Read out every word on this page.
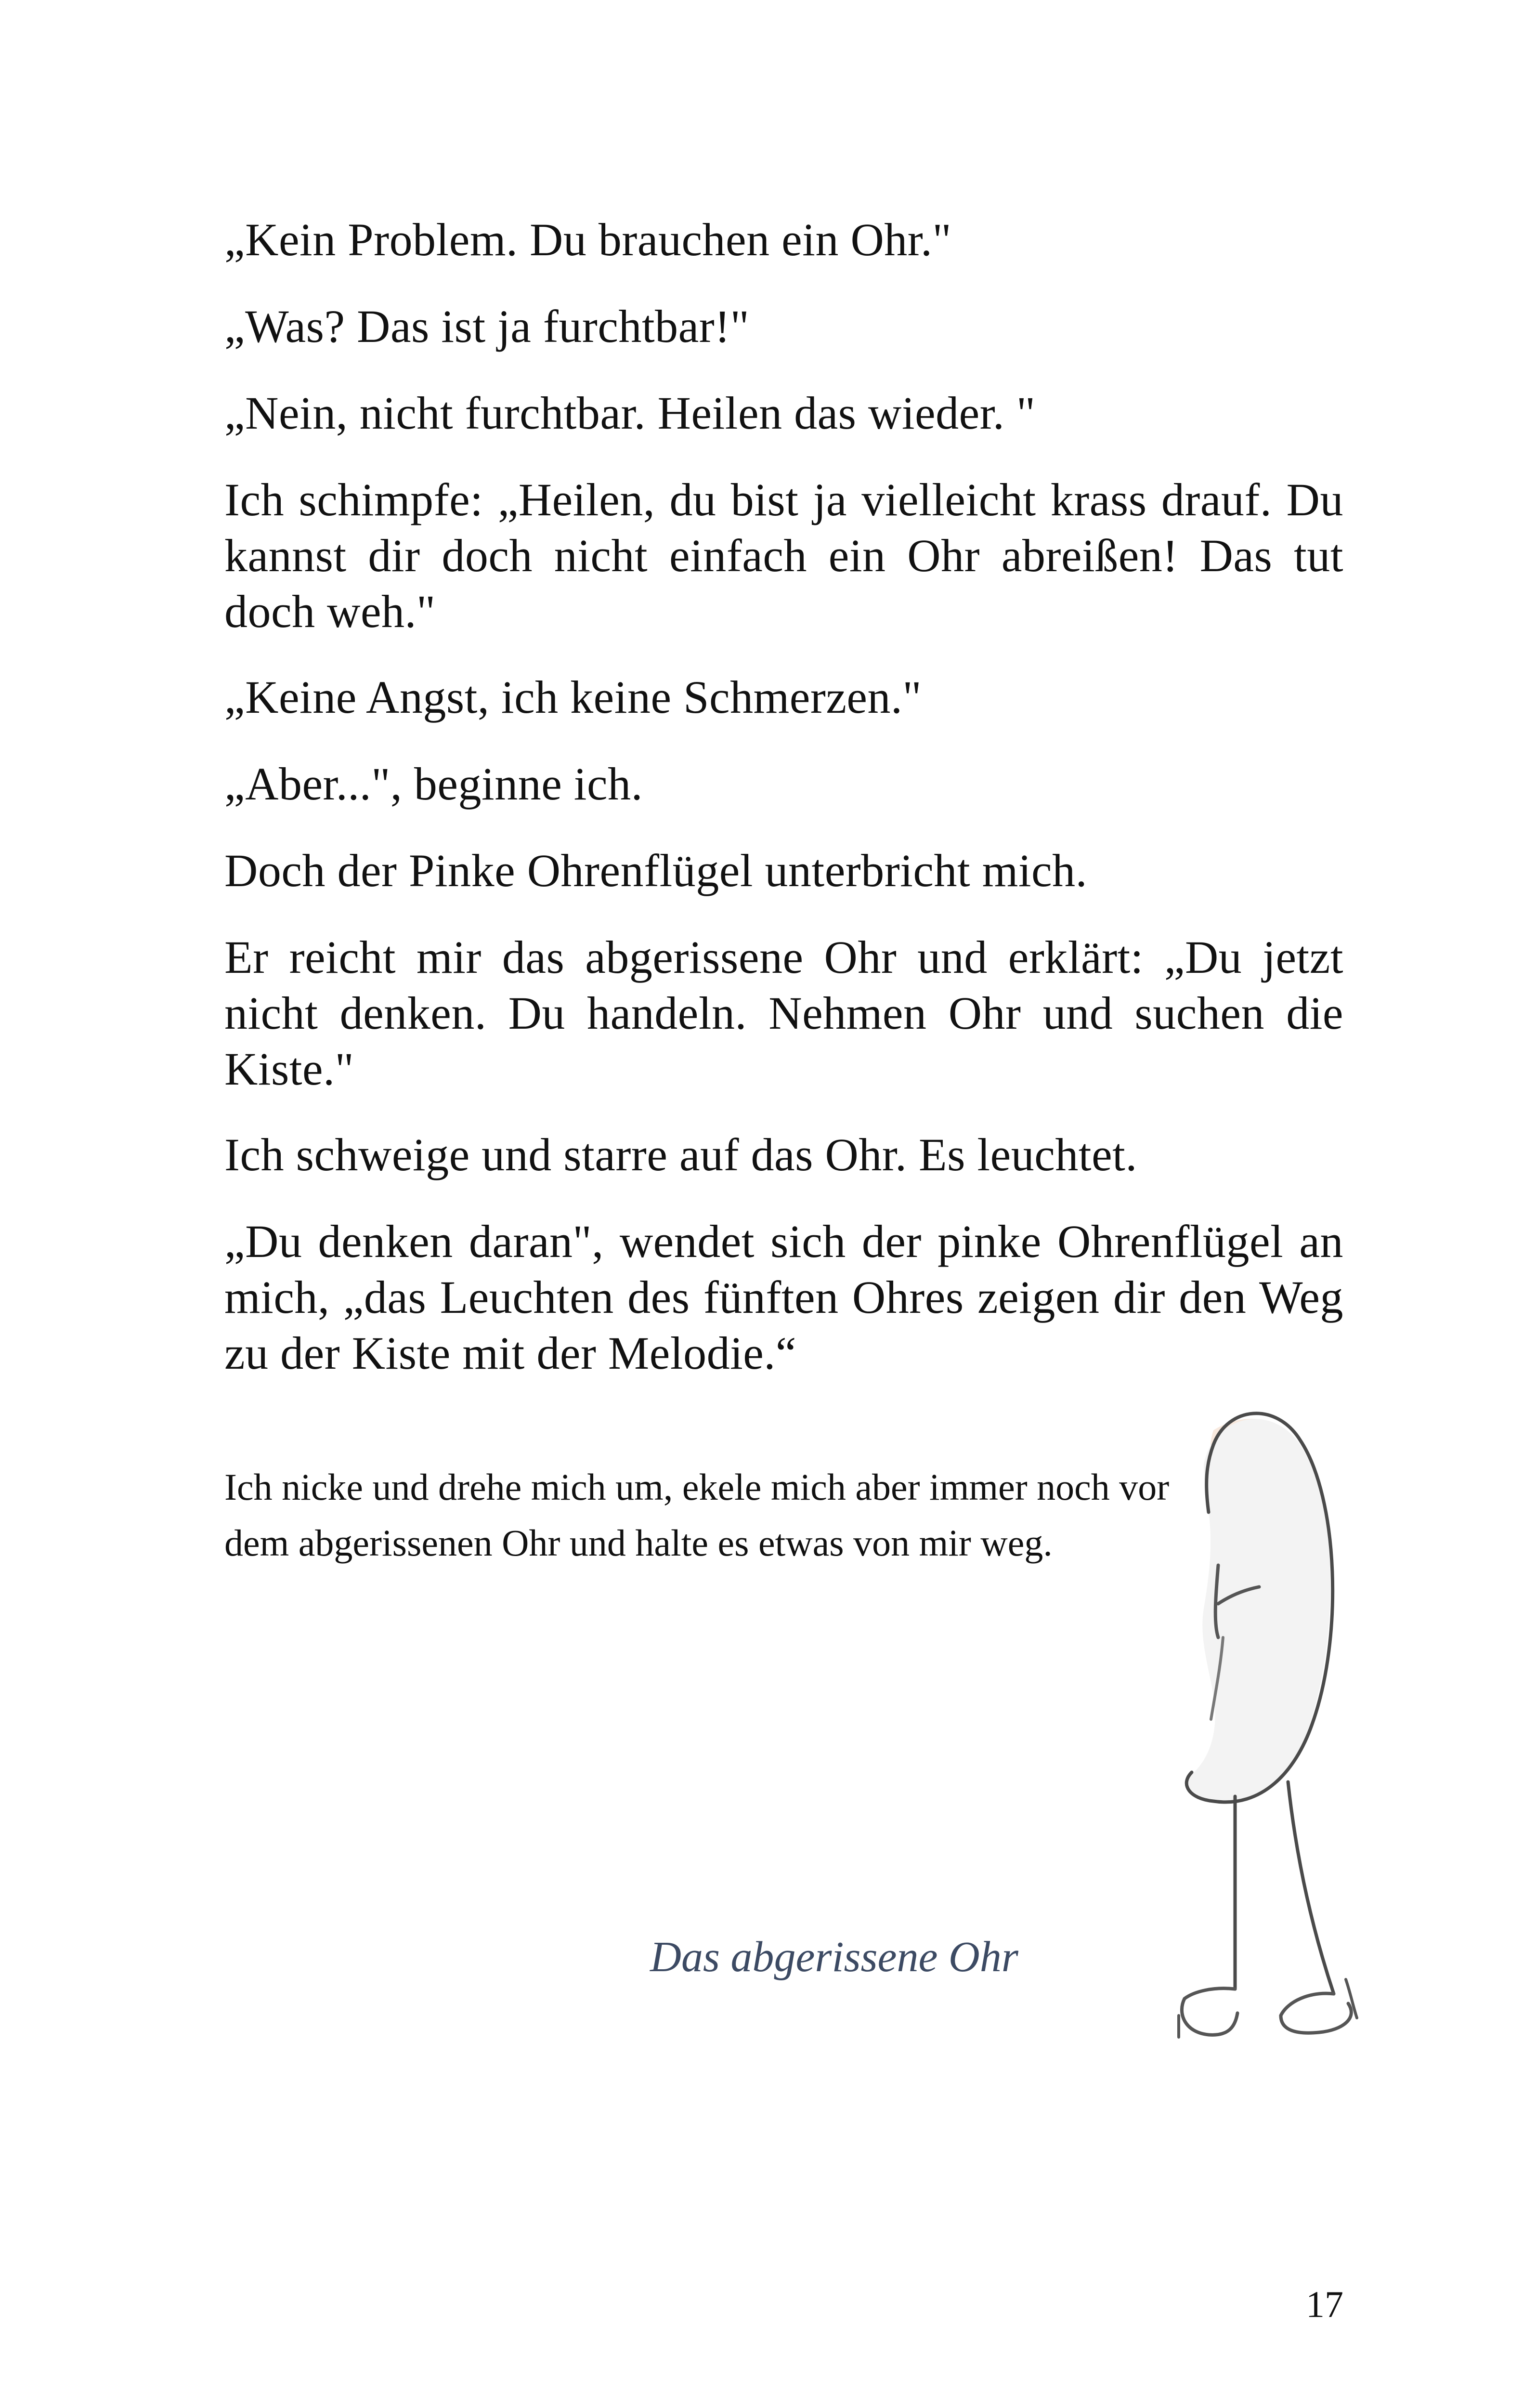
„Kein Problem. Du brauchen ein Ohr."

„Was? Das ist ja furchtbar!"

„Nein, nicht furchtbar. Heilen das wieder. "

Ich schimpfe: „Heilen, du bist ja vielleicht krass drauf. Du kannst dir doch nicht einfach ein Ohr abreißen! Das tut doch weh."

„Keine Angst, ich keine Schmerzen."

„Aber...", beginne ich.

Doch der Pinke Ohrenflügel unterbricht mich.

Er reicht mir das abgerissene Ohr und erklärt: „Du jetzt nicht denken. Du handeln. Nehmen Ohr und suchen die Kiste."

Ich schweige und starre auf das Ohr. Es leuchtet.

„Du denken daran", wendet sich der pinke Ohrenflügel an mich, „das Leuchten des fünften Ohres zeigen dir den Weg zu der Kiste mit der Melodie.“

Ich nicke und drehe mich um, ekele mich aber immer noch vor dem abgerissenen Ohr und halte es etwas von mir weg.

Das abgerissene Ohr

17
